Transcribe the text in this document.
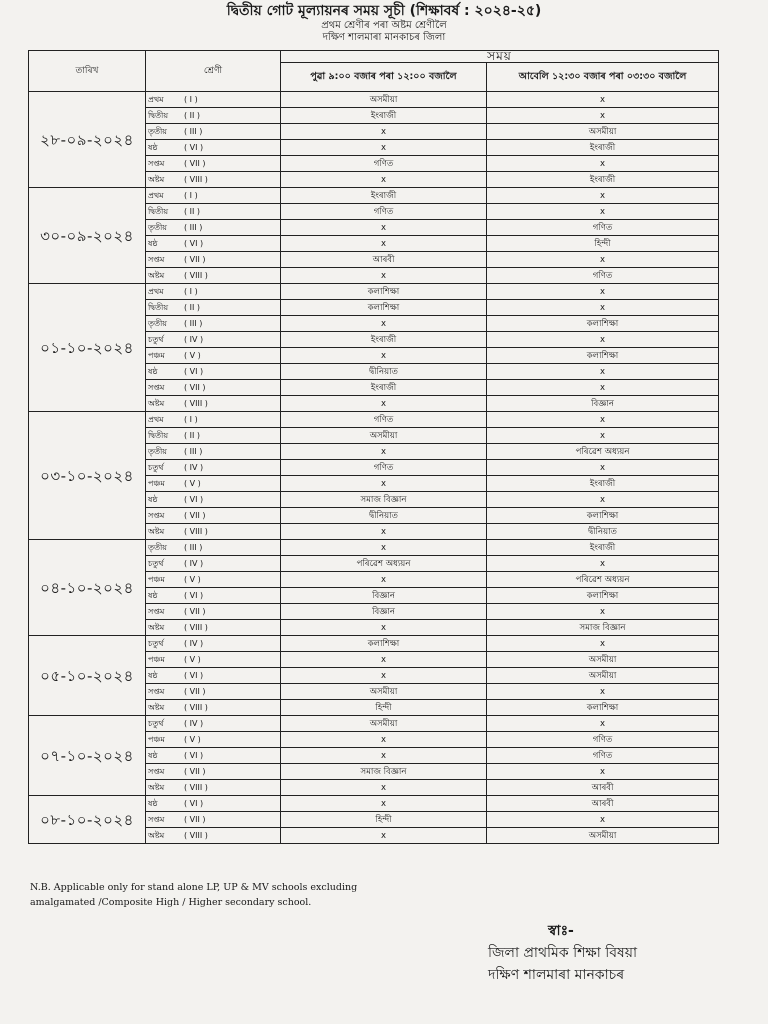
দ্বিতীয় গোট মূল্যায়নৰ সময় সূচী (শিক্ষাবৰ্ষ : ২০২৪-২৫)
প্ৰথম শ্ৰেণীৰ পৰা অষ্টম শ্ৰেণীলৈ
দক্ষিণ শালমাৰা মানকাচৰ জিলা
তাৰিখ	শ্ৰেণী	সময়	
		পুৱা ৯:০০ বজাৰ পৰা ১২:০০ বজালৈ	আবেলি ১২:৩০ বজাৰ পৰা ০৩:৩০ বজালৈ
২৮-০৯-২০২৪	প্ৰথম ( I )	অসমীয়া	x
	দ্বিতীয় ( II )	ইংৰাজী	x
	তৃতীয় ( III )	x	অসমীয়া
	ষষ্ঠ ( VI )	x	ইংৰাজী
	সপ্তম ( VII )	গণিত	x
	অষ্টম ( VIII )	x	ইংৰাজী
৩০-০৯-২০২৪	প্ৰথম ( I )	ইংৰাজী	x
	দ্বিতীয় ( II )	গণিত	x
	তৃতীয় ( III )	x	গণিত
	ষষ্ঠ ( VI )	x	হিন্দী
	সপ্তম ( VII )	আৰবী	x
	অষ্টম ( VIII )	x	গণিত
০১-১০-২০২৪	প্ৰথম ( I )	কলাশিক্ষা	x
	দ্বিতীয় ( II )	কলাশিক্ষা	x
	তৃতীয় ( III )	x	কলাশিক্ষা
	চতুৰ্থ ( IV )	ইংৰাজী	x
	পঞ্চম ( V )	x	কলাশিক্ষা
	ষষ্ঠ ( VI )	দ্বীনিয়াত	x
	সপ্তম ( VII )	ইংৰাজী	x
	অষ্টম ( VIII )	x	বিজ্ঞান
০৩-১০-২০২৪	প্ৰথম ( I )	গণিত	x
	দ্বিতীয় ( II )	অসমীয়া	x
	তৃতীয় ( III )	x	পৰিৱেশ অধ্যয়ন
	চতুৰ্থ ( IV )	গণিত	x
	পঞ্চম ( V )	x	ইংৰাজী
	ষষ্ঠ ( VI )	সমাজ বিজ্ঞান	x
	সপ্তম ( VII )	দ্বীনিয়াত	কলাশিক্ষা
	অষ্টম ( VIII )	x	দ্বীনিয়াত
০৪-১০-২০২৪	তৃতীয় ( III )	x	ইংৰাজী
	চতুৰ্থ ( IV )	পৰিৱেশ অধ্যয়ন	x
	পঞ্চম ( V )	x	পৰিৱেশ অধ্যয়ন
	ষষ্ঠ ( VI )	বিজ্ঞান	কলাশিক্ষা
	সপ্তম ( VII )	বিজ্ঞান	x
	অষ্টম ( VIII )	x	সমাজ বিজ্ঞান
০৫-১০-২০২৪	চতুৰ্থ ( IV )	কলাশিক্ষা	x
	পঞ্চম ( V )	x	অসমীয়া
	ষষ্ঠ ( VI )	x	অসমীয়া
	সপ্তম ( VII )	অসমীয়া	x
	অষ্টম ( VIII )	হিন্দী	কলাশিক্ষা
০৭-১০-২০২৪	চতুৰ্থ ( IV )	অসমীয়া	x
	পঞ্চম ( V )	x	গণিত
	ষষ্ঠ ( VI )	x	গণিত
	সপ্তম ( VII )	সমাজ বিজ্ঞান	x
	অষ্টম ( VIII )	x	আৰবী
০৮-১০-২০২৪	ষষ্ঠ ( VI )	x	আৰবী
	সপ্তম ( VII )	হিন্দী	x
	অষ্টম ( VIII )	x	অসমীয়া
N.B. Applicable only for stand alone LP, UP & MV schools excluding
amalgamated /Composite High / Higher secondary school.
স্বাঃ-
জিলা প্ৰাথমিক শিক্ষা বিষয়া
দক্ষিণ শালমাৰা মানকাচৰ
